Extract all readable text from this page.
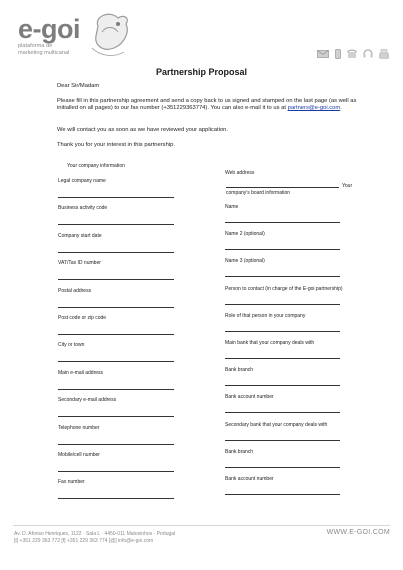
e-goi
plataforma de
marketing multicanal
Partnership Proposal
Dear Sir/Madam
Please fill in this partnership agreement and send a copy back to us signed and stamped on the last page (as well as initialled on all pages) to our fax number (+351229363774). You can also e-mail it to us at partners@e-goi.com.
We will contact you as soon as we have reviewed your application.
Thank you for your interest in this partnership.
Your company information
Legal company name
Business activity code
Company start date
VAT/Tax ID number
Postal address
Post code or zip code
City or town
Main e-mail address
Secondary e-mail address
Telephone number
Mobile/cell number
Fax number
Web address
Your
company's board information
Name
Name 2 (optional)
Name 3 (optional)
Person to contact (in charge of the E-goi partnership)
Role of that person in your company
Main bank that your company deals with
Bank branch
Bank account number
Secondary bank that your company deals with
Bank branch
Bank account number
Av. D. Afonso Henriques, 1122 · Sala L · 4450-011 Matosinhos · Portugal
[t] +351 229 363 772 [f] +351 229 363 774 [@] info@e-goi.com
WWW.E-GOI.COM
